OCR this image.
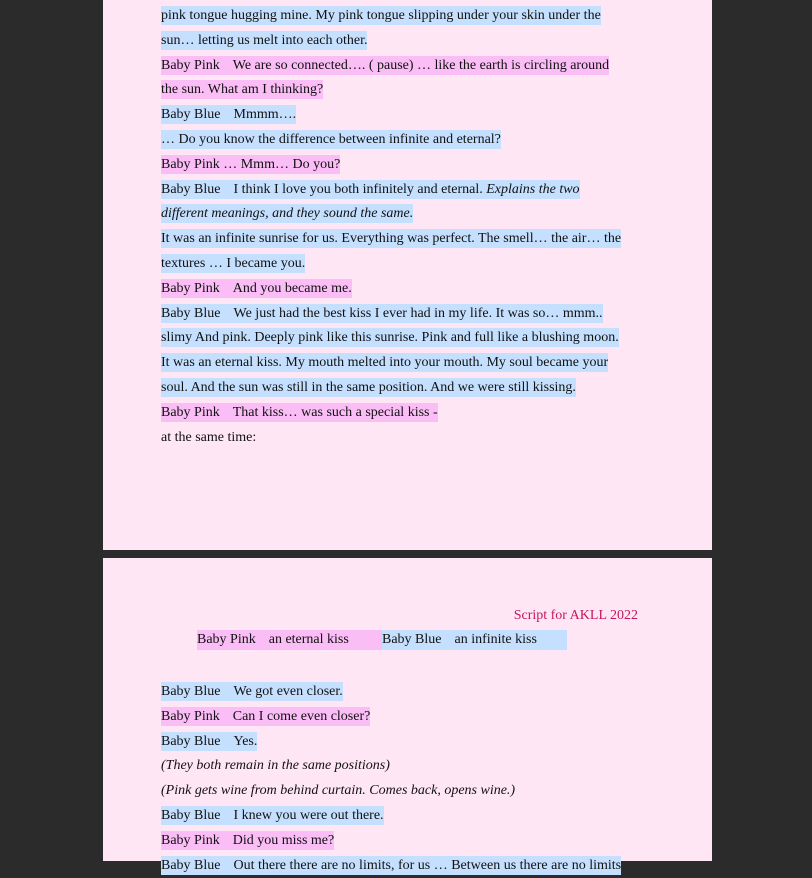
pink tongue hugging mine. My pink tongue slipping under your skin under the
sun… letting us melt into each other.
Baby Pink We are so connected…. ( pause) … like the earth is circling around
the sun. What am I thinking?
Baby Blue Mmmm….
… Do you know the difference between infinite and eternal?
Baby Pink … Mmm… Do you?
Baby Blue I think I love you both infinitely and eternal. Explains the two
different meanings, and they sound the same.
It was an infinite sunrise for us. Everything was perfect. The smell… the air… the
textures … I became you.
Baby Pink And you became me.
Baby Blue We just had the best kiss I ever had in my life. It was so… mmm..
slimy And pink. Deeply pink like this sunrise. Pink and full like a blushing moon.
It was an eternal kiss. My mouth melted into your mouth. My soul became your
soul. And the sun was still in the same position. And we were still kissing.
Baby Pink That kiss… was such a special kiss -
at the same time:
Script for AKLL 2022
Baby Pink an eternal kiss Baby Blue an infinite kiss
Baby Blue We got even closer.
Baby Pink Can I come even closer?
Baby Blue Yes.
(They both remain in the same positions)
(Pink gets wine from behind curtain. Comes back, opens wine.)
Baby Blue I knew you were out there.
Baby Pink Did you miss me?
Baby Blue Out there there are no limits, for us … Between us there are no limits
